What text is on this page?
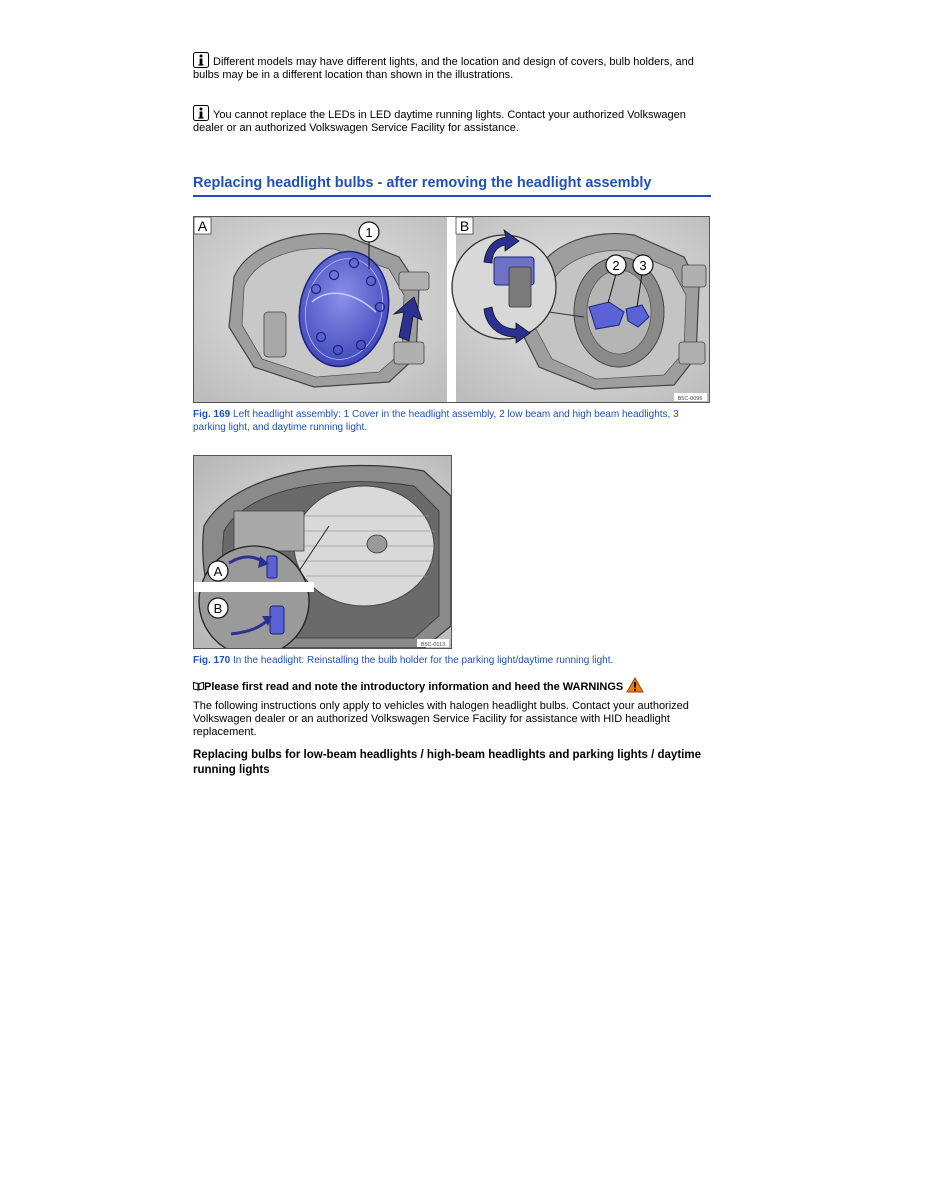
Different models may have different lights, and the location and design of covers, bulb holders, and bulbs may be in a different location than shown in the illustrations.
You cannot replace the LEDs in LED daytime running lights. Contact your authorized Volkswagen dealer or an authorized Volkswagen Service Facility for assistance.
Replacing headlight bulbs - after removing the headlight assembly
1
A
2 3
B
B5C-0096
Fig. 169 Left headlight assembly: 1 Cover in the headlight assembly, 2 low beam and high beam headlights, 3 parking light, and daytime running light.
A
B
B5C-0113
Fig. 170 In the headlight: Reinstalling the bulb holder for the parking light/daytime running light.
Please first read and note the introductory information and heed the WARNINGS
The following instructions only apply to vehicles with halogen headlight bulbs. Contact your authorized Volkswagen dealer or an authorized Volkswagen Service Facility for assistance with HID headlight replacement.
Replacing bulbs for low-beam headlights / high-beam headlights and parking lights / daytime running lights
